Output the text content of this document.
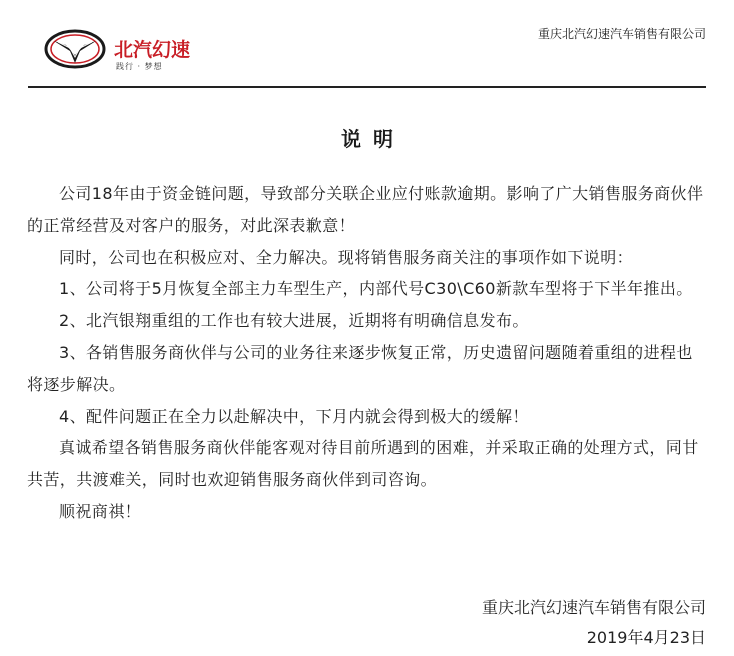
北汽幻速
践行 · 梦想
重庆北汽幻速汽车销售有限公司
说明

公司18年由于资金链问题，导致部分关联企业应付账款逾期。影响了广大销售服务商伙伴的正常经营及对客户的服务，对此深表歉意！

同时，公司也在积极应对、全力解决。现将销售服务商关注的事项作如下说明：

1、公司将于5月恢复全部主力车型生产，内部代号C30\C60新款车型将于下半年推出。

2、北汽银翔重组的工作也有较大进展，近期将有明确信息发布。

3、各销售服务商伙伴与公司的业务往来逐步恢复正常，历史遗留问题随着重组的进程也将逐步解决。

4、配件问题正在全力以赴解决中，下月内就会得到极大的缓解！

真诚希望各销售服务商伙伴能客观对待目前所遇到的困难，并采取正确的处理方式，同甘共苦，共渡难关，同时也欢迎销售服务商伙伴到司咨询。

顺祝商祺！

重庆北汽幻速汽车销售有限公司
2019年4月23日
